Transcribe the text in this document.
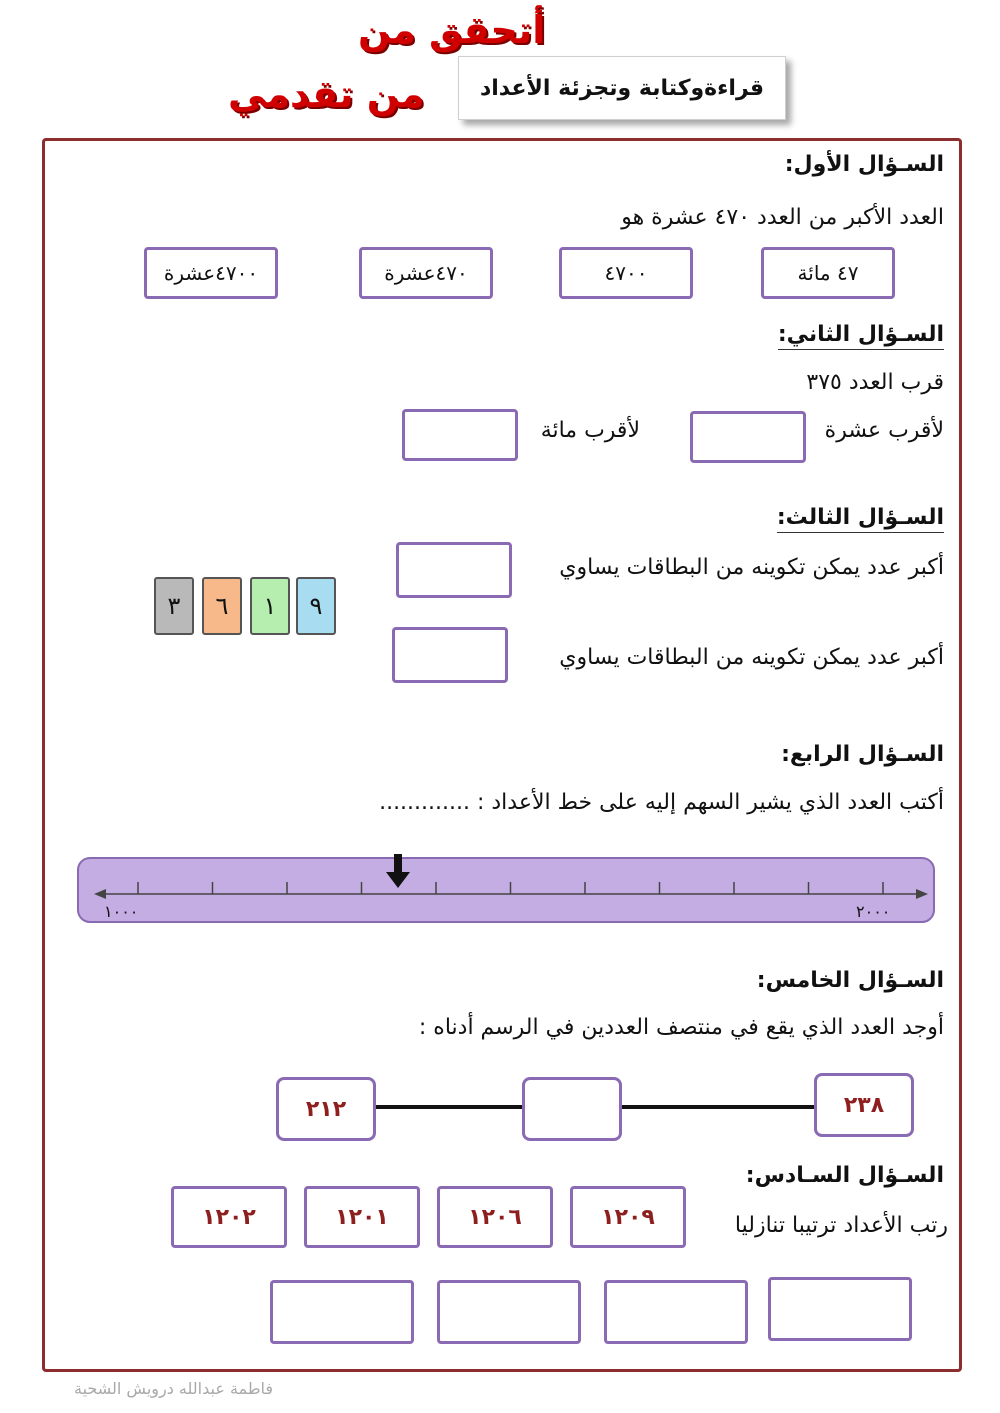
أتحقق من
من تقدمي	قراءةوكتابة وتجزئة الأعداد
السـؤال الأول:
العدد الأكبر من العدد ٤٧٠ عشرة هو
٤٧ مائة
٤٧٠٠
٤٧٠عشرة
٤٧٠٠عشرة
السـؤال الثاني:
قرب العدد ٣٧٥
لأقرب عشرة
لأقرب مائة
السـؤال الثالث:
أكبر عدد يمكن تكوينه من البطاقات يساوي
أكبر عدد يمكن تكوينه من البطاقات يساوي
٩
١
٦
٣
السـؤال الرابع:
أكتب العدد الذي يشير السهم إليه على خط الأعداد : .............
١٠٠٠	٢٠٠٠
السـؤال الخامس:
أوجد العدد الذي يقع في منتصف العددين في الرسم أدناه :
٢١٢	٢٣٨
السـؤال السـادس:
رتب الأعداد ترتيبا تنازليا
١٢٠٩
١٢٠٦
١٢٠١
١٢٠٢
فاطمة عبدالله درويش الشحية
